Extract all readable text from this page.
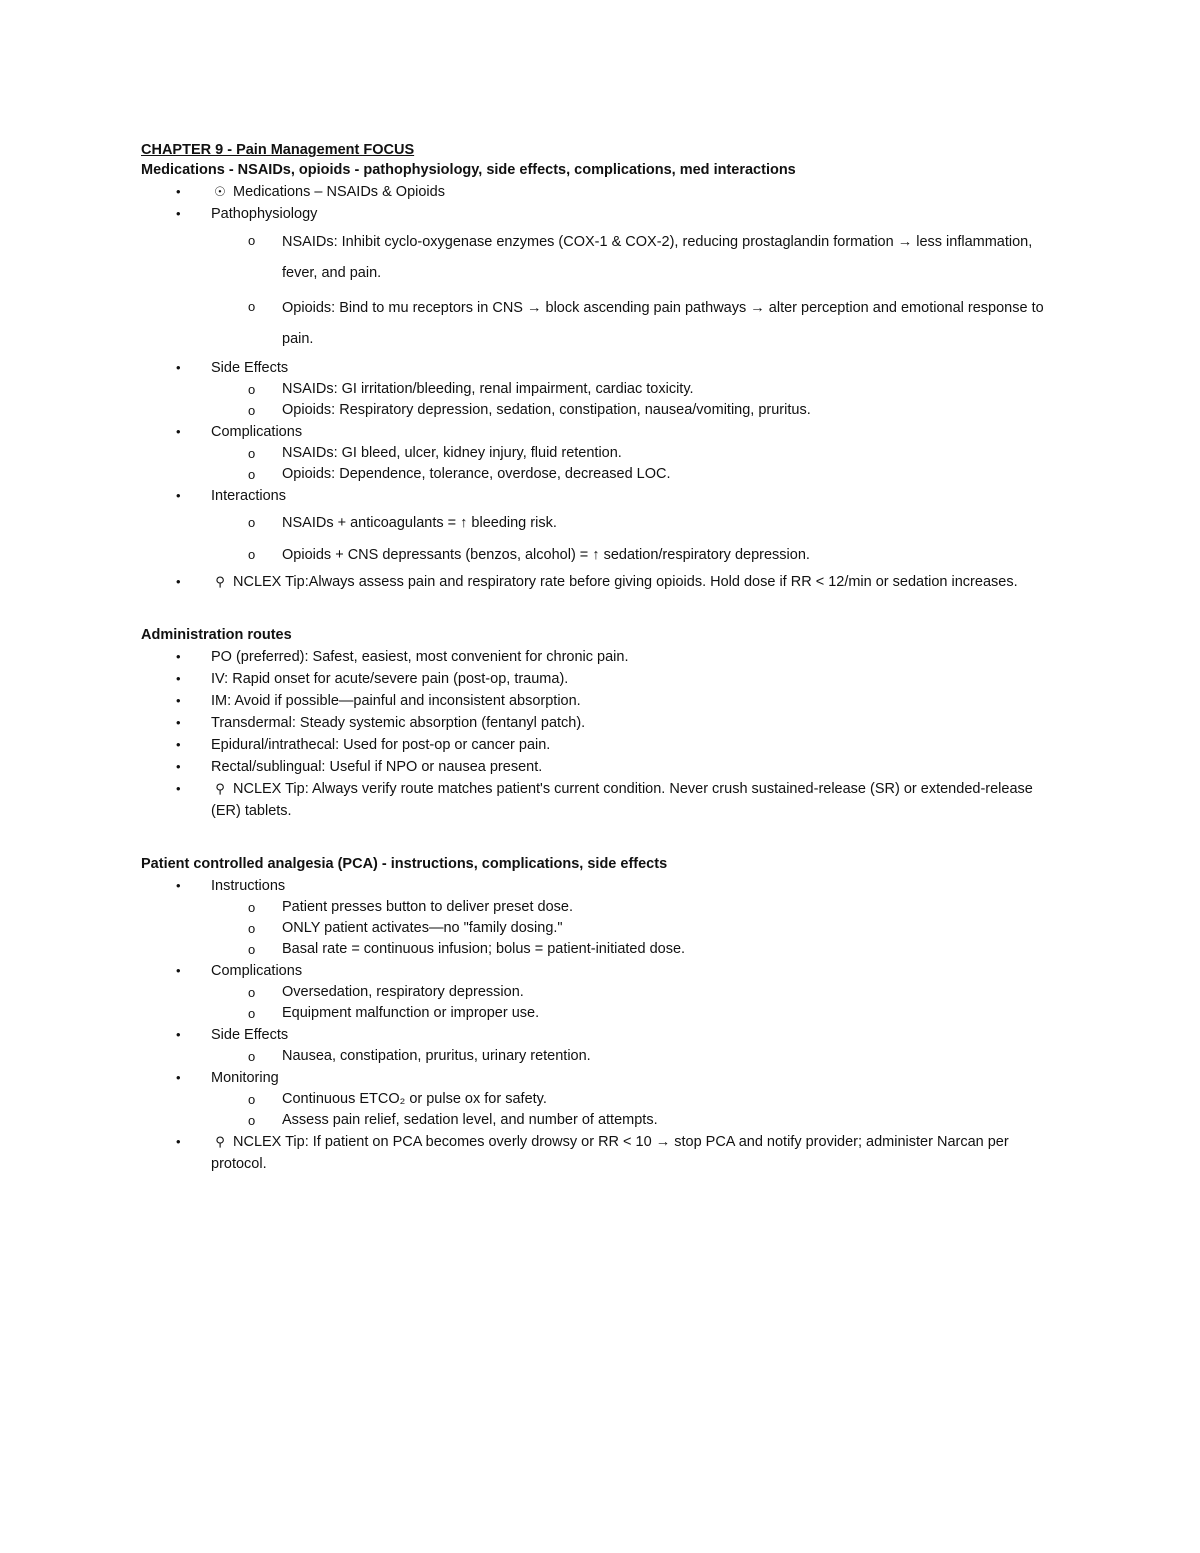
CHAPTER 9 - Pain Management FOCUS
Medications - NSAIDs, opioids - pathophysiology, side effects, complications, med interactions
• ☉ Medications – NSAIDs & Opioids
• Pathophysiology
o NSAIDs: Inhibit cyclo-oxygenase enzymes (COX-1 & COX-2), reducing prostaglandin formation → less inflammation, fever, and pain.
o Opioids: Bind to mu receptors in CNS → block ascending pain pathways → alter perception and emotional response to pain.
• Side Effects
o NSAIDs: GI irritation/bleeding, renal impairment, cardiac toxicity.
o Opioids: Respiratory depression, sedation, constipation, nausea/vomiting, pruritus.
• Complications
o NSAIDs: GI bleed, ulcer, kidney injury, fluid retention.
o Opioids: Dependence, tolerance, overdose, decreased LOC.
• Interactions
o NSAIDs + anticoagulants = ↑ bleeding risk.
o Opioids + CNS depressants (benzos, alcohol) = ↑ sedation/respiratory depression.
• ⚲ NCLEX Tip:Always assess pain and respiratory rate before giving opioids. Hold dose if RR < 12/min or sedation increases.
Administration routes
• PO (preferred): Safest, easiest, most convenient for chronic pain.
• IV: Rapid onset for acute/severe pain (post-op, trauma).
• IM: Avoid if possible—painful and inconsistent absorption.
• Transdermal: Steady systemic absorption (fentanyl patch).
• Epidural/intrathecal: Used for post-op or cancer pain.
• Rectal/sublingual: Useful if NPO or nausea present.
• ⚲ NCLEX Tip: Always verify route matches patient's current condition. Never crush sustained-release (SR) or extended-release (ER) tablets.
Patient controlled analgesia (PCA) - instructions, complications, side effects
• Instructions
o Patient presses button to deliver preset dose.
o ONLY patient activates—no "family dosing."
o Basal rate = continuous infusion; bolus = patient-initiated dose.
• Complications
o Oversedation, respiratory depression.
o Equipment malfunction or improper use.
• Side Effects
o Nausea, constipation, pruritus, urinary retention.
• Monitoring
o Continuous ETCO₂ or pulse ox for safety.
o Assess pain relief, sedation level, and number of attempts.
• ⚲ NCLEX Tip: If patient on PCA becomes overly drowsy or RR < 10 → stop PCA and notify provider; administer Narcan per protocol.
